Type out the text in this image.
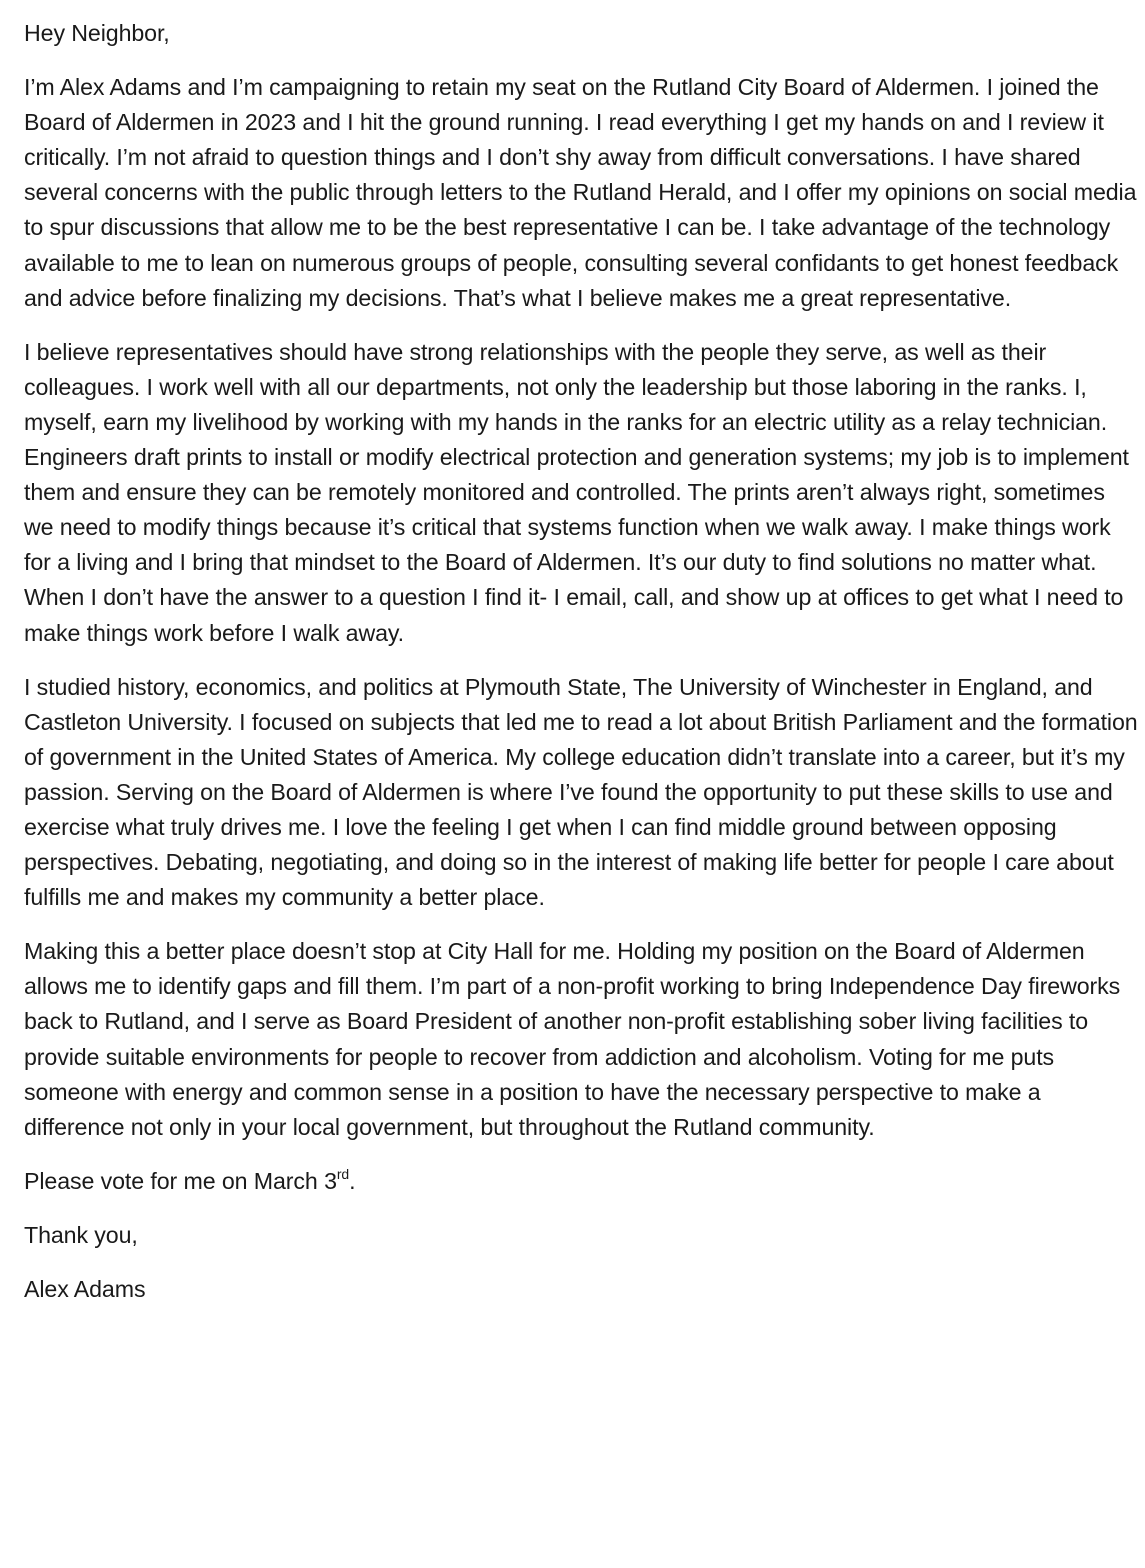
Hey Neighbor,

I’m Alex Adams and I’m campaigning to retain my seat on the Rutland City Board of Aldermen. I joined the Board of Aldermen in 2023 and I hit the ground running. I read everything I get my hands on and I review it critically. I’m not afraid to question things and I don’t shy away from difficult conversations. I have shared several concerns with the public through letters to the Rutland Herald, and I offer my opinions on social media to spur discussions that allow me to be the best representative I can be. I take advantage of the technology available to me to lean on numerous groups of people, consulting several confidants to get honest feedback and advice before finalizing my decisions. That’s what I believe makes me a great representative.

I believe representatives should have strong relationships with the people they serve, as well as their colleagues. I work well with all our departments, not only the leadership but those laboring in the ranks. I, myself, earn my livelihood by working with my hands in the ranks for an electric utility as a relay technician. Engineers draft prints to install or modify electrical protection and generation systems; my job is to implement them and ensure they can be remotely monitored and controlled. The prints aren’t always right, sometimes we need to modify things because it’s critical that systems function when we walk away. I make things work for a living and I bring that mindset to the Board of Aldermen. It’s our duty to find solutions no matter what. When I don’t have the answer to a question I find it- I email, call, and show up at offices to get what I need to make things work before I walk away.

I studied history, economics, and politics at Plymouth State, The University of Winchester in England, and Castleton University. I focused on subjects that led me to read a lot about British Parliament and the formation of government in the United States of America. My college education didn’t translate into a career, but it’s my passion. Serving on the Board of Aldermen is where I’ve found the opportunity to put these skills to use and exercise what truly drives me. I love the feeling I get when I can find middle ground between opposing perspectives. Debating, negotiating, and doing so in the interest of making life better for people I care about fulfills me and makes my community a better place.

Making this a better place doesn’t stop at City Hall for me. Holding my position on the Board of Aldermen allows me to identify gaps and fill them. I’m part of a non-profit working to bring Independence Day fireworks back to Rutland, and I serve as Board President of another non-profit establishing sober living facilities to provide suitable environments for people to recover from addiction and alcoholism. Voting for me puts someone with energy and common sense in a position to have the necessary perspective to make a difference not only in your local government, but throughout the Rutland community.

Please vote for me on March 3rd.

Thank you,

Alex Adams
